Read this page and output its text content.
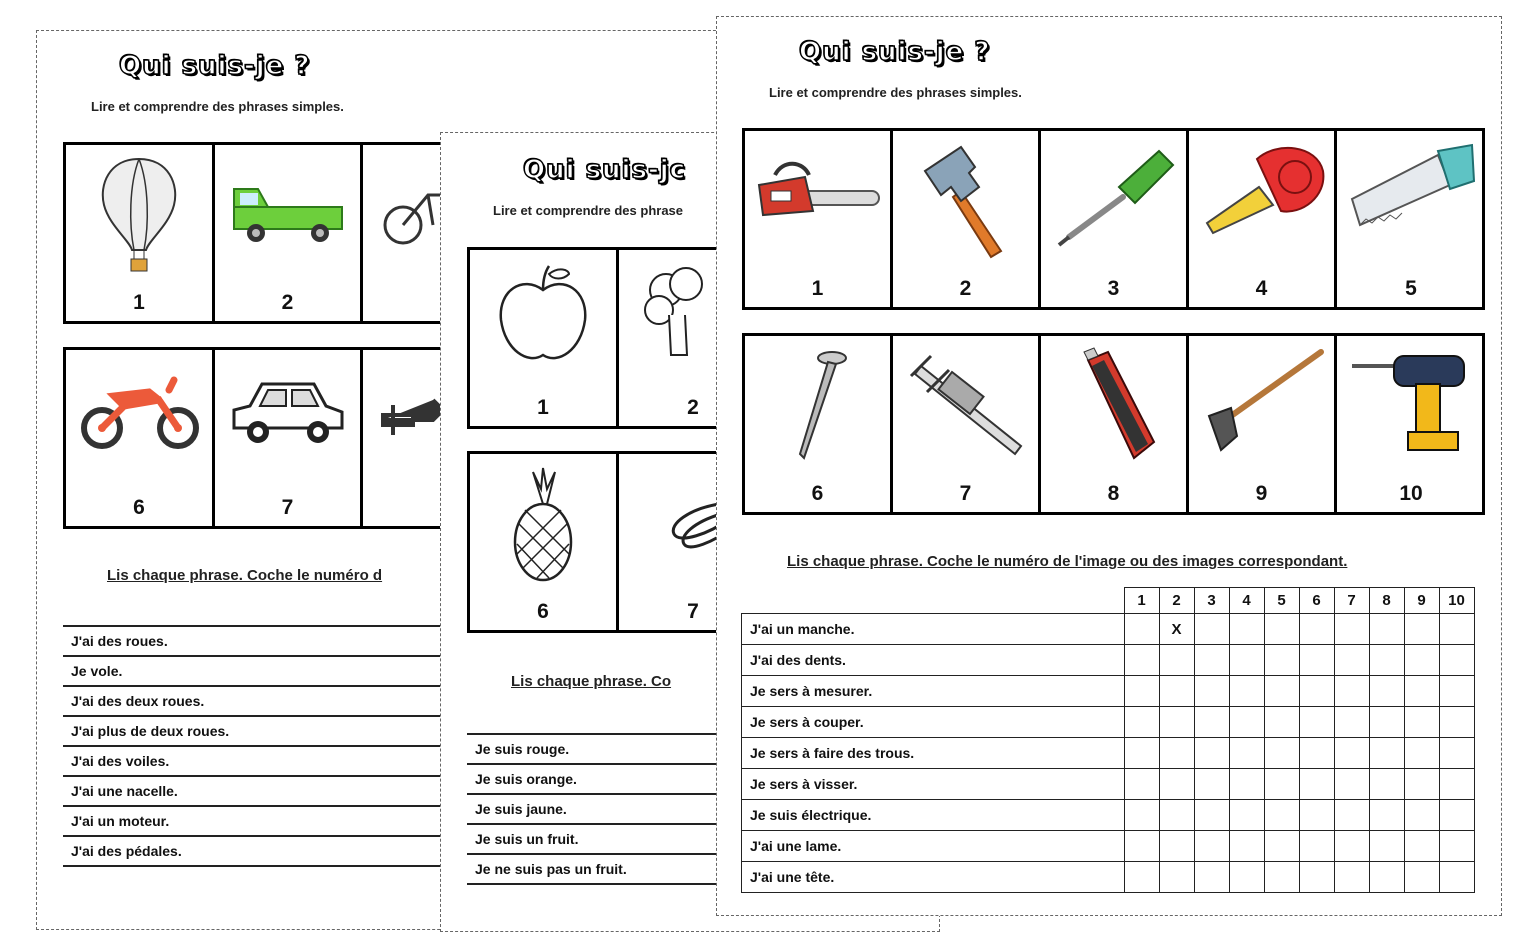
Qui suis-je ?
Lire et comprendre des phrases simples.
1	2
6	7
Lis chaque phrase. Coche le numéro d
J'ai des roues.
Je vole.
J'ai des deux roues.
J'ai plus de deux roues.
J'ai des voiles.
J'ai une nacelle.
J'ai un moteur.
J'ai des pédales.
Qui suis-jc
Lire et comprendre des phrase
1	2
6	7
Lis chaque phrase. Co
Je suis rouge.
Je suis orange.
Je suis jaune.
Je suis un fruit.
Je ne suis pas un fruit.
Qui suis-je ?
Lire et comprendre des phrases simples.
1	2	3	4	5
6	7	8	9	10
Lis chaque phrase. Coche le numéro de l'image ou des images correspondant.
	1	2	3	4	5	6	7	8	9	10
J'ai un manche.		X								
J'ai des dents.										
Je sers à mesurer.										
Je sers à couper.										
Je sers à faire des trous.										
Je sers à visser.										
Je suis électrique.										
J'ai une lame.										
J'ai une tête.										
